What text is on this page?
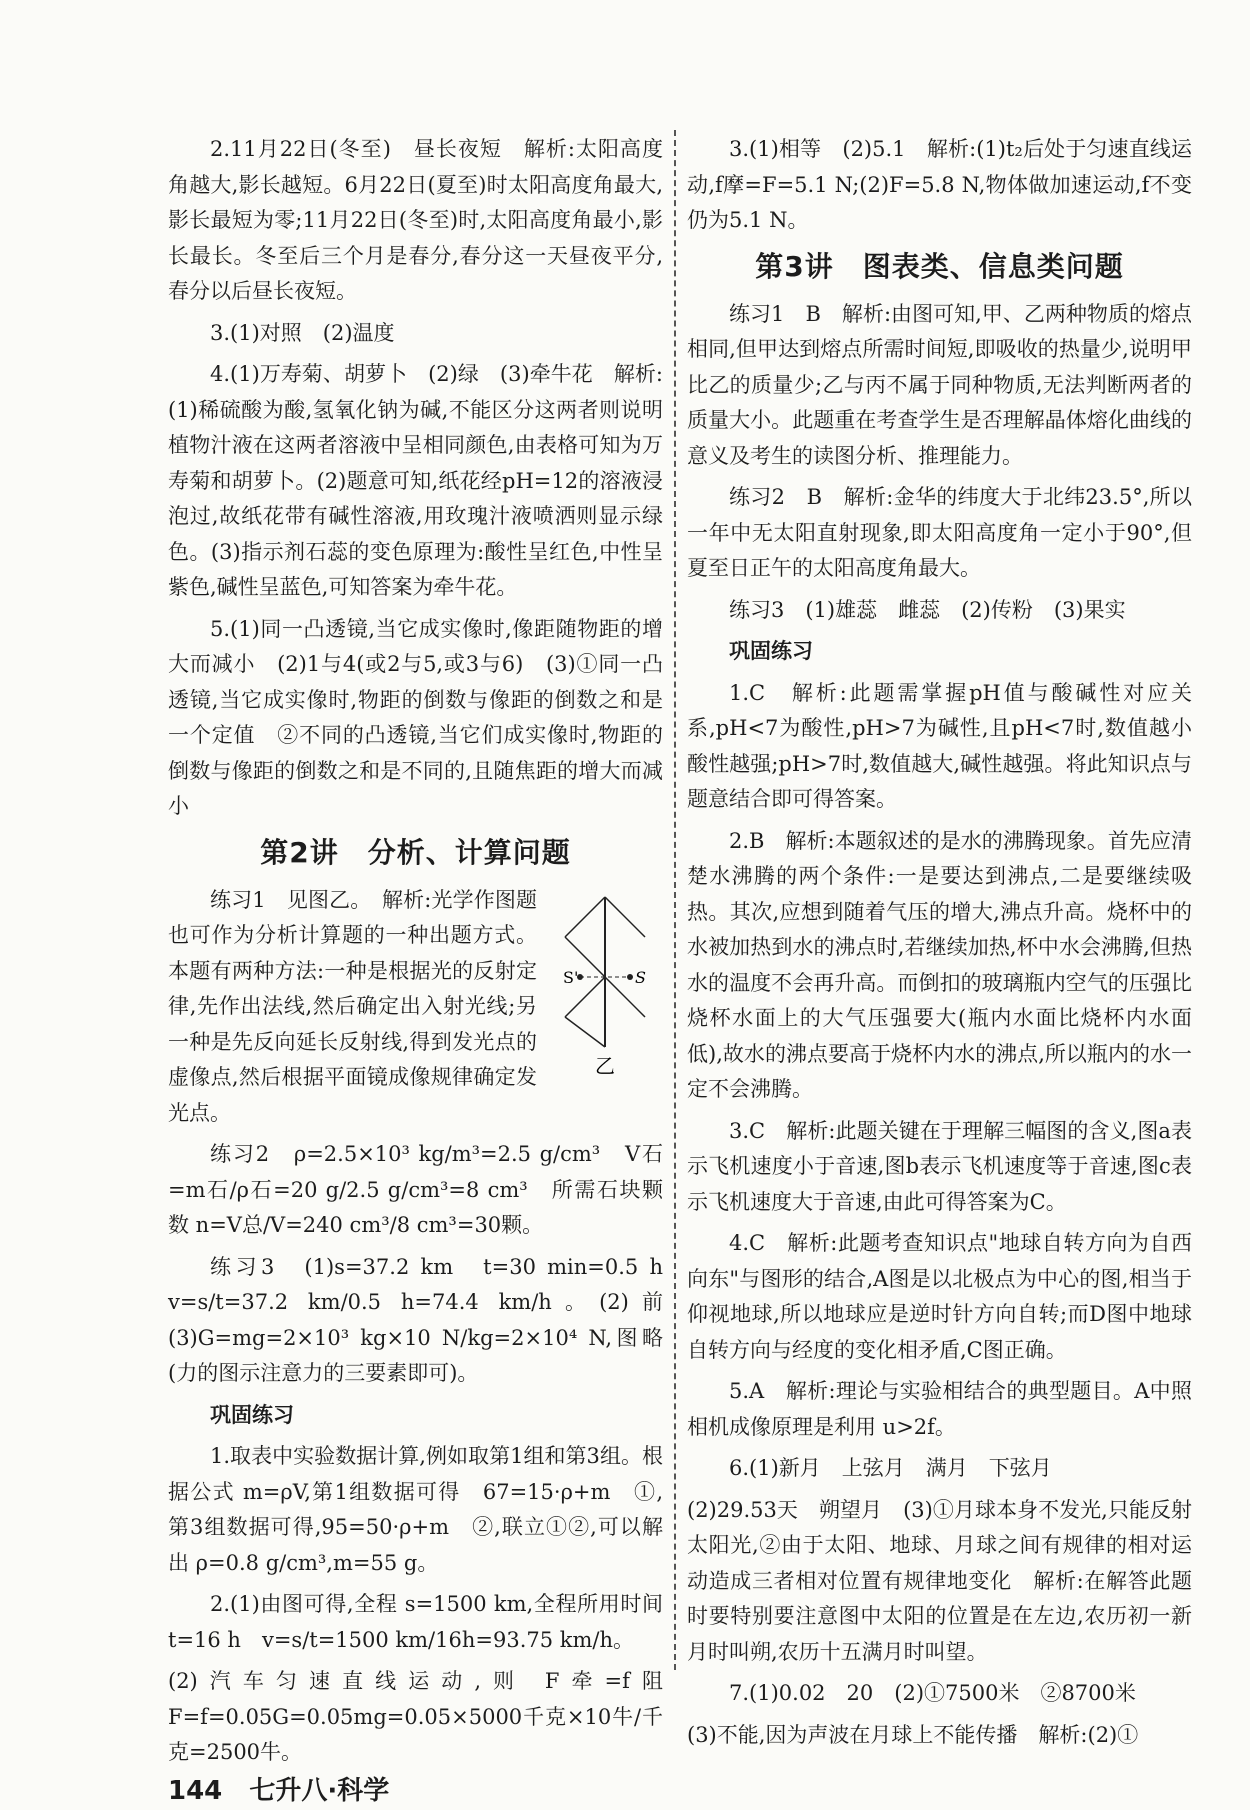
2.11月22日(冬至)　昼长夜短　解析:太阳高度角越大,影长越短。6月22日(夏至)时太阳高度角最大,影长最短为零;11月22日(冬至)时,太阳高度角最小,影长最长。冬至后三个月是春分,春分这一天昼夜平分,春分以后昼长夜短。

3.(1)对照　(2)温度

4.(1)万寿菊、胡萝卜　(2)绿　(3)牵牛花　解析:(1)稀硫酸为酸,氢氧化钠为碱,不能区分这两者则说明植物汁液在这两者溶液中呈相同颜色,由表格可知为万寿菊和胡萝卜。(2)题意可知,纸花经pH=12的溶液浸泡过,故纸花带有碱性溶液,用玫瑰汁液喷洒则显示绿色。(3)指示剂石蕊的变色原理为:酸性呈红色,中性呈紫色,碱性呈蓝色,可知答案为牵牛花。

5.(1)同一凸透镜,当它成实像时,像距随物距的增大而减小　(2)1与4(或2与5,或3与6)　(3)①同一凸透镜,当它成实像时,物距的倒数与像距的倒数之和是一个定值　②不同的凸透镜,当它们成实像时,物距的倒数与像距的倒数之和是不同的,且随焦距的增大而减小

第2讲　分析、计算问题
S'	S
乙

练习1　见图乙。　解析:光学作图题也可作为分析计算题的一种出题方式。本题有两种方法:一种是根据光的反射定律,先作出法线,然后确定出入射光线;另一种是先反向延长反射线,得到发光点的虚像点,然后根据平面镜成像规律确定发光点。

练习2　ρ=2.5×10³ kg/m³=2.5 g/cm³　V石=m石/ρ石=20 g/2.5 g/cm³=8 cm³　所需石块颗数 n=V总/V=240 cm³/8 cm³=30颗。

练习3　(1)s=37.2 km　t=30 min=0.5 h　v=s/t=37.2 km/0.5 h=74.4 km/h。(2)前　(3)G=mg=2×10³ kg×10 N/kg=2×10⁴ N,图略(力的图示注意力的三要素即可)。

巩固练习

1.取表中实验数据计算,例如取第1组和第3组。根据公式 m=ρV,第1组数据可得　67=15·ρ+m　①,第3组数据可得,95=50·ρ+m　②,联立①②,可以解出 ρ=0.8 g/cm³,m=55 g。

2.(1)由图可得,全程 s=1500 km,全程所用时间 t=16 h　v=s/t=1500 km/16h=93.75 km/h。

(2)汽车匀速直线运动,则 F牵=f阻　F=f=0.05G=0.05mg=0.05×5000千克×10牛/千克=2500牛。

3.(1)相等　(2)5.1　解析:(1)t₂后处于匀速直线运动,f摩=F=5.1 N;(2)F=5.8 N,物体做加速运动,f不变仍为5.1 N。

第3讲　图表类、信息类问题

练习1　B　解析:由图可知,甲、乙两种物质的熔点相同,但甲达到熔点所需时间短,即吸收的热量少,说明甲比乙的质量少;乙与丙不属于同种物质,无法判断两者的质量大小。此题重在考查学生是否理解晶体熔化曲线的意义及考生的读图分析、推理能力。

练习2　B　解析:金华的纬度大于北纬23.5°,所以一年中无太阳直射现象,即太阳高度角一定小于90°,但夏至日正午的太阳高度角最大。

练习3　(1)雄蕊　雌蕊　(2)传粉　(3)果实

巩固练习

1.C　解析:此题需掌握pH值与酸碱性对应关系,pH<7为酸性,pH>7为碱性,且pH<7时,数值越小酸性越强;pH>7时,数值越大,碱性越强。将此知识点与题意结合即可得答案。

2.B　解析:本题叙述的是水的沸腾现象。首先应清楚水沸腾的两个条件:一是要达到沸点,二是要继续吸热。其次,应想到随着气压的增大,沸点升高。烧杯中的水被加热到水的沸点时,若继续加热,杯中水会沸腾,但热水的温度不会再升高。而倒扣的玻璃瓶内空气的压强比烧杯水面上的大气压强要大(瓶内水面比烧杯内水面低),故水的沸点要高于烧杯内水的沸点,所以瓶内的水一定不会沸腾。

3.C　解析:此题关键在于理解三幅图的含义,图a表示飞机速度小于音速,图b表示飞机速度等于音速,图c表示飞机速度大于音速,由此可得答案为C。

4.C　解析:此题考查知识点"地球自转方向为自西向东"与图形的结合,A图是以北极点为中心的图,相当于仰视地球,所以地球应是逆时针方向自转;而D图中地球自转方向与经度的变化相矛盾,C图正确。

5.A　解析:理论与实验相结合的典型题目。A中照相机成像原理是利用 u>2f。

6.(1)新月　上弦月　满月　下弦月

(2)29.53天　朔望月　(3)①月球本身不发光,只能反射太阳光,②由于太阳、地球、月球之间有规律的相对运动造成三者相对位置有规律地变化　解析:在解答此题时要特别要注意图中太阳的位置是在左边,农历初一新月时叫朔,农历十五满月时叫望。

7.(1)0.02　20　(2)①7500米　②8700米

(3)不能,因为声波在月球上不能传播　解析:(2)①

144 七升八·科学
